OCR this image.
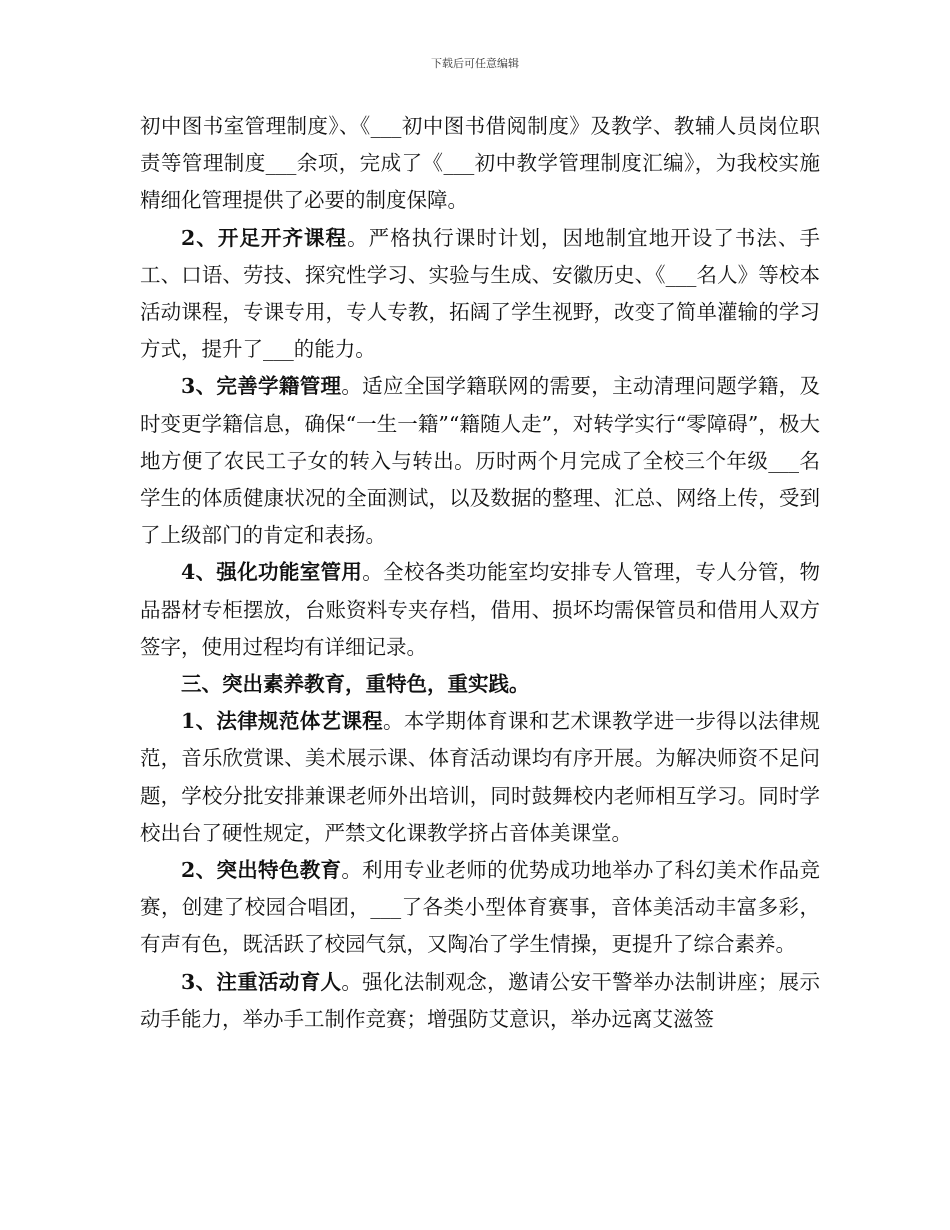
下载后可任意编辑

初中图书室管理制度》、《___初中图书借阅制度》及教学、教辅人员岗位职责等管理制度___余项，完成了《___初中教学管理制度汇编》，为我校实施精细化管理提供了必要的制度保障。

2、开足开齐课程。严格执行课时计划，因地制宜地开设了书法、手工、口语、劳技、探究性学习、实验与生成、安徽历史、《___名人》等校本活动课程，专课专用，专人专教，拓阔了学生视野，改变了简单灌输的学习方式，提升了___的能力。

3、完善学籍管理。适应全国学籍联网的需要，主动清理问题学籍，及时变更学籍信息，确保“一生一籍”“籍随人走”，对转学实行“零障碍”，极大地方便了农民工子女的转入与转出。历时两个月完成了全校三个年级___名学生的体质健康状况的全面测试，以及数据的整理、汇总、网络上传，受到了上级部门的肯定和表扬。

4、强化功能室管用。全校各类功能室均安排专人管理，专人分管，物品器材专柜摆放，台账资料专夹存档，借用、损坏均需保管员和借用人双方签字，使用过程均有详细记录。

三、突出素养教育，重特色，重实践。

1、法律规范体艺课程。本学期体育课和艺术课教学进一步得以法律规范，音乐欣赏课、美术展示课、体育活动课均有序开展。为解决师资不足问题，学校分批安排兼课老师外出培训，同时鼓舞校内老师相互学习。同时学校出台了硬性规定，严禁文化课教学挤占音体美课堂。

2、突出特色教育。利用专业老师的优势成功地举办了科幻美术作品竞赛，创建了校园合唱团，___了各类小型体育赛事，音体美活动丰富多彩，有声有色，既活跃了校园气氛，又陶冶了学生情操，更提升了综合素养。

3、注重活动育人。强化法制观念，邀请公安干警举办法制讲座；展示动手能力，举办手工制作竞赛；增强防艾意识，举办远离艾滋签
